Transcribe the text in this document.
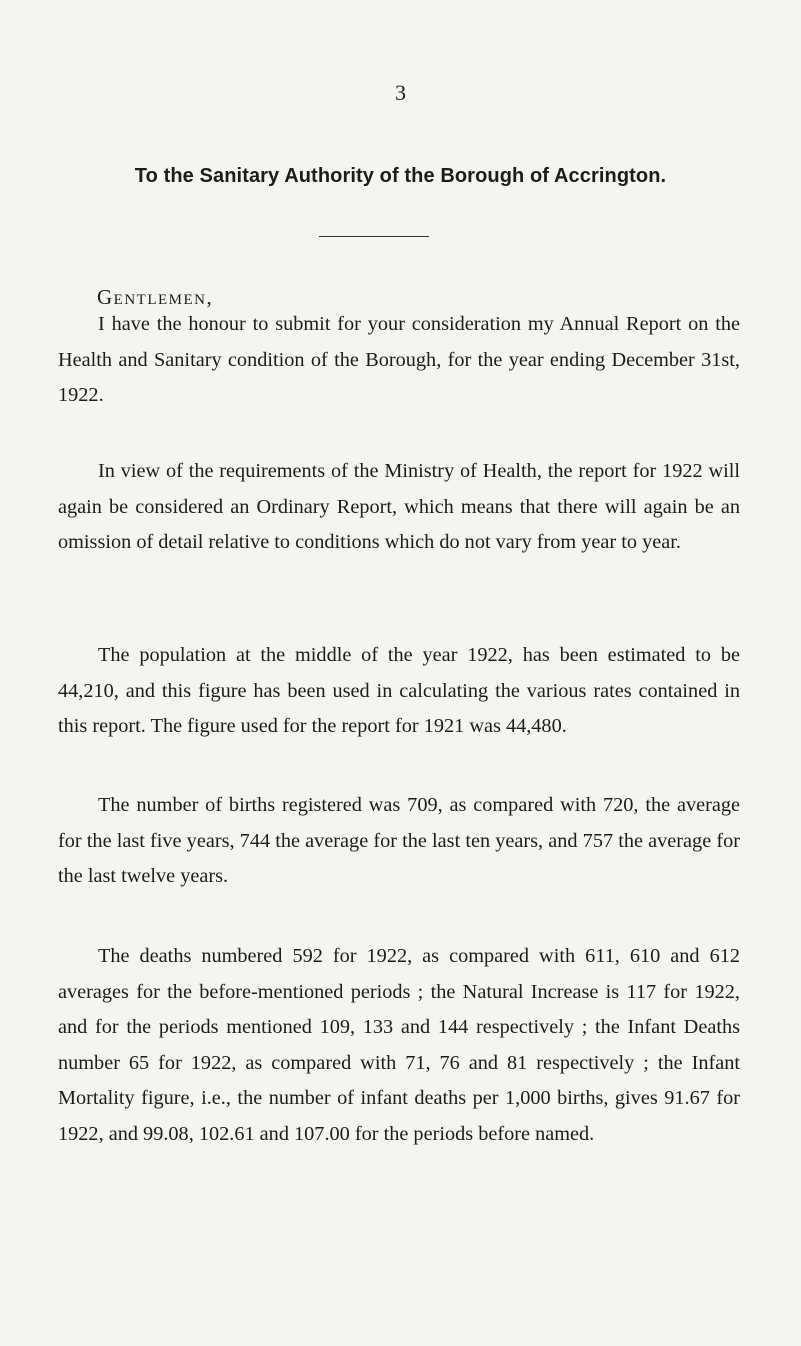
3
To the Sanitary Authority of the Borough of Accrington.
Gentlemen,

I have the honour to submit for your consideration my Annual Report on the Health and Sanitary condition of the Borough, for the year ending December 31st, 1922.

In view of the requirements of the Ministry of Health, the report for 1922 will again be considered an Ordinary Report, which means that there will again be an omission of detail relative to conditions which do not vary from year to year.

The population at the middle of the year 1922, has been estimated to be 44,210, and this figure has been used in calculating the various rates contained in this report. The figure used for the report for 1921 was 44,480.

The number of births registered was 709, as compared with 720, the average for the last five years, 744 the average for the last ten years, and 757 the average for the last twelve years.

The deaths numbered 592 for 1922, as compared with 611, 610 and 612 averages for the before-mentioned periods ; the Natural Increase is 117 for 1922, and for the periods mentioned 109, 133 and 144 respectively ; the Infant Deaths number 65 for 1922, as compared with 71, 76 and 81 respectively ; the Infant Mortality figure, i.e., the number of infant deaths per 1,000 births, gives 91.67 for 1922, and 99.08, 102.61 and 107.00 for the periods before named.
